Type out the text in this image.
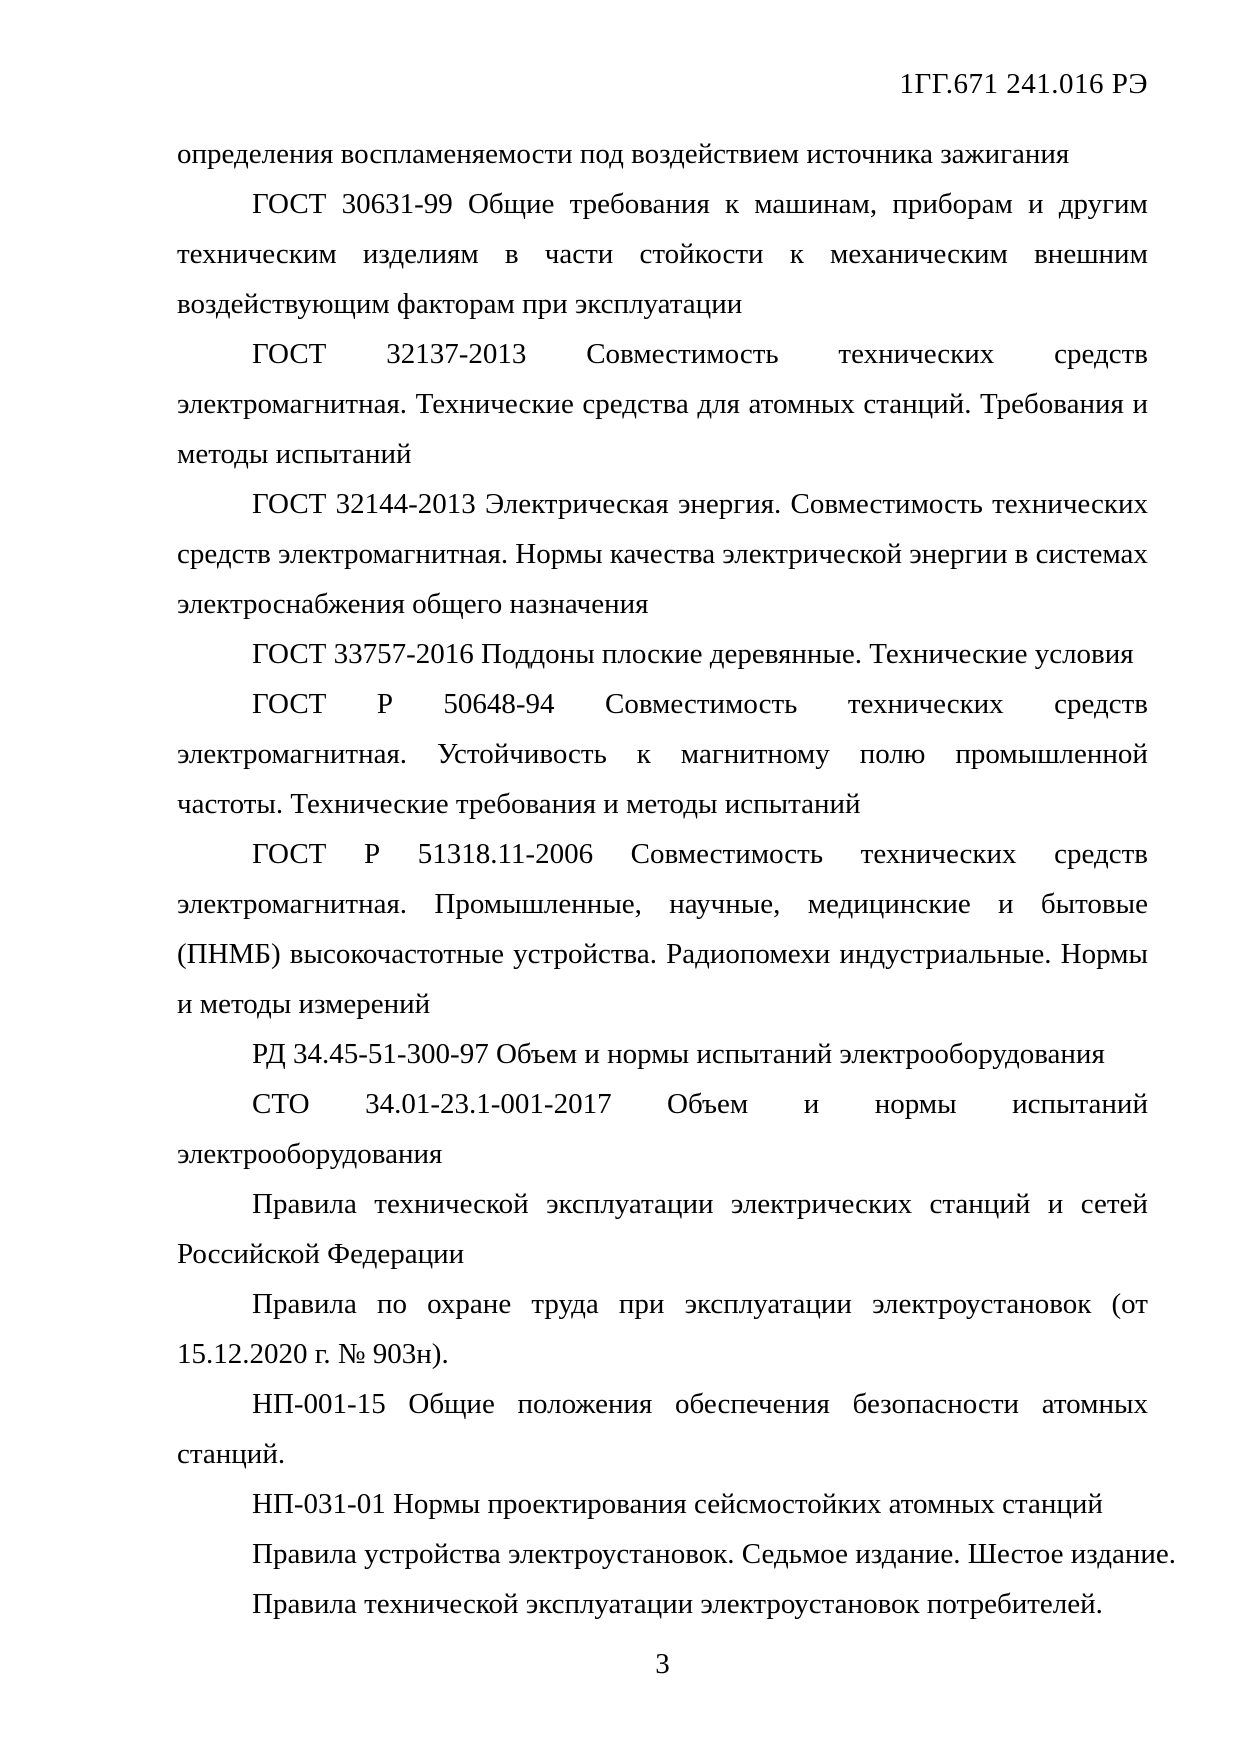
1ГГ.671 241.016 РЭ
определения воспламеняемости под воздействием источника зажигания
ГОСТ 30631-99 Общие требования к машинам, приборам и другим
техническим изделиям в части стойкости к механическим внешним
воздействующим факторам при эксплуатации
ГОСТ 32137-2013 Совместимость технических средств
электромагнитная. Технические средства для атомных станций. Требования и
методы испытаний
ГОСТ 32144-2013 Электрическая энергия. Совместимость технических
средств электромагнитная. Нормы качества электрической энергии в системах
электроснабжения общего назначения
ГОСТ 33757-2016 Поддоны плоские деревянные. Технические условия
ГОСТ Р 50648-94 Совместимость технических средств
электромагнитная. Устойчивость к магнитному полю промышленной
частоты. Технические требования и методы испытаний
ГОСТ Р 51318.11-2006 Совместимость технических средств
электромагнитная. Промышленные, научные, медицинские и бытовые
(ПНМБ) высокочастотные устройства. Радиопомехи индустриальные. Нормы
и методы измерений
РД 34.45-51-300-97 Объем и нормы испытаний электрооборудования
СТО 34.01-23.1-001-2017 Объем и нормы испытаний
электрооборудования
Правила технической эксплуатации электрических станций и сетей
Российской Федерации
Правила по охране труда при эксплуатации электроустановок (от
15.12.2020 г. № 903н).
НП-001-15 Общие положения обеспечения безопасности атомных
станций.
НП-031-01 Нормы проектирования сейсмостойких атомных станций
Правила устройства электроустановок. Седьмое издание. Шестое издание.
Правила технической эксплуатации электроустановок потребителей.
3
